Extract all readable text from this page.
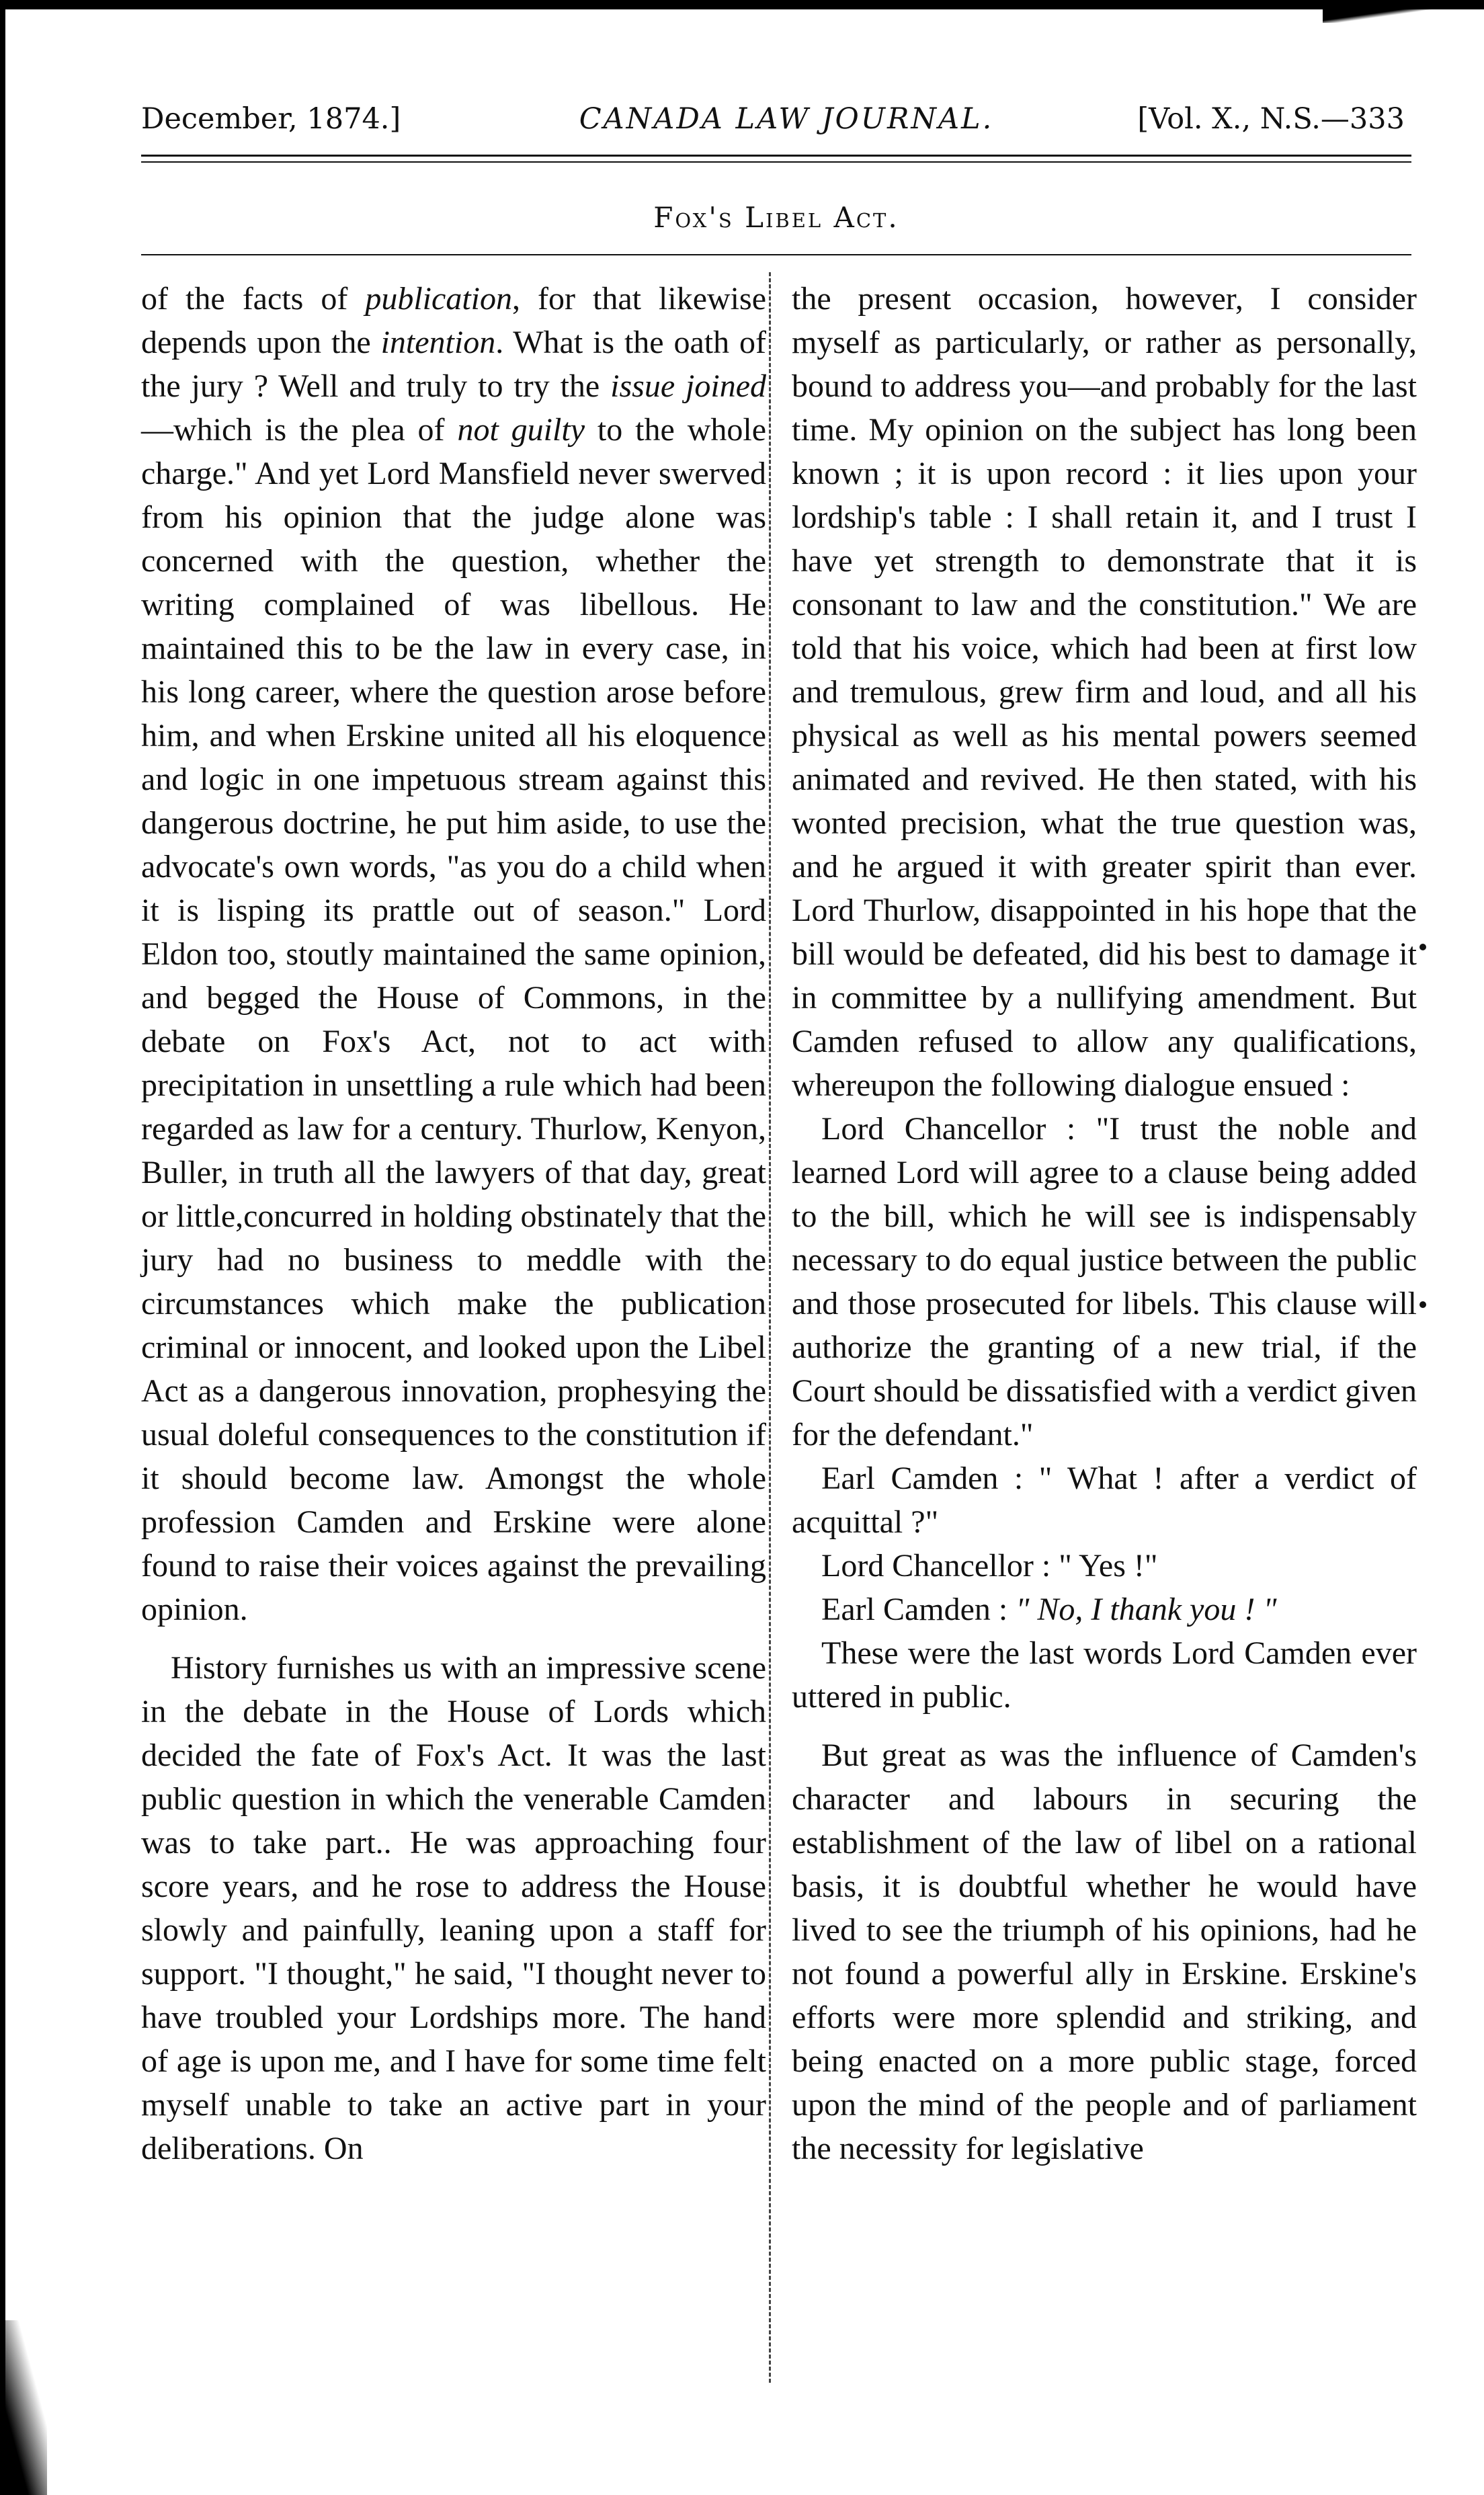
December, 1874.]	CANADA LAW JOURNAL.	[Vol. X., N.S.—333
Fox's Libel Act.

of the facts of publication, for that likewise depends upon the intention. What is the oath of the jury ? Well and truly to try the issue joined—which is the plea of not guilty to the whole charge." And yet Lord Mansfield never swerved from his opinion that the judge alone was concerned with the question, whether the writing complained of was libellous. He maintained this to be the law in every case, in his long career, where the question arose before him, and when Erskine united all his eloquence and logic in one impetuous stream against this dangerous doctrine, he put him aside, to use the advocate's own words, "as you do a child when it is lisping its prattle out of season." Lord Eldon too, stoutly maintained the same opinion, and begged the House of Commons, in the debate on Fox's Act, not to act with precipitation in unsettling a rule which had been regarded as law for a century. Thurlow, Kenyon, Buller, in truth all the lawyers of that day, great or little,concurred in holding obstinately that the jury had no business to meddle with the circumstances which make the publication criminal or innocent, and looked upon the Libel Act as a dangerous innovation, prophesying the usual doleful consequences to the constitution if it should become law. Amongst the whole profession Camden and Erskine were alone found to raise their voices against the prevailing opinion.

History furnishes us with an impressive scene in the debate in the House of Lords which decided the fate of Fox's Act. It was the last public question in which the venerable Camden was to take part.. He was approaching four score years, and he rose to address the House slowly and painfully, leaning upon a staff for support. "I thought," he said, "I thought never to have troubled your Lordships more. The hand of age is upon me, and I have for some time felt myself unable to take an active part in your deliberations. On

the present occasion, however, I consider myself as particularly, or rather as personally, bound to address you—and probably for the last time. My opinion on the subject has long been known ; it is upon record : it lies upon your lordship's table : I shall retain it, and I trust I have yet strength to demonstrate that it is consonant to law and the constitution." We are told that his voice, which had been at first low and tremulous, grew firm and loud, and all his physical as well as his mental powers seemed animated and revived. He then stated, with his wonted precision, what the true question was, and he argued it with greater spirit than ever. Lord Thurlow, disappointed in his hope that the bill would be defeated, did his best to damage it in committee by a nullifying amendment. But Camden refused to allow any qualifications, whereupon the following dialogue ensued :

Lord Chancellor : "I trust the noble and learned Lord will agree to a clause being added to the bill, which he will see is indispensably necessary to do equal justice between the public and those prosecuted for libels. This clause will authorize the granting of a new trial, if the Court should be dissatisfied with a verdict given for the defendant."

Earl Camden : " What ! after a verdict of acquittal ?"

Lord Chancellor : " Yes !"

Earl Camden : " No, I thank you ! "

These were the last words Lord Camden ever uttered in public.

But great as was the influence of Camden's character and labours in securing the establishment of the law of libel on a rational basis, it is doubtful whether he would have lived to see the triumph of his opinions, had he not found a powerful ally in Erskine. Erskine's efforts were more splendid and striking, and being enacted on a more public stage, forced upon the mind of the people and of parliament the necessity for legislative
